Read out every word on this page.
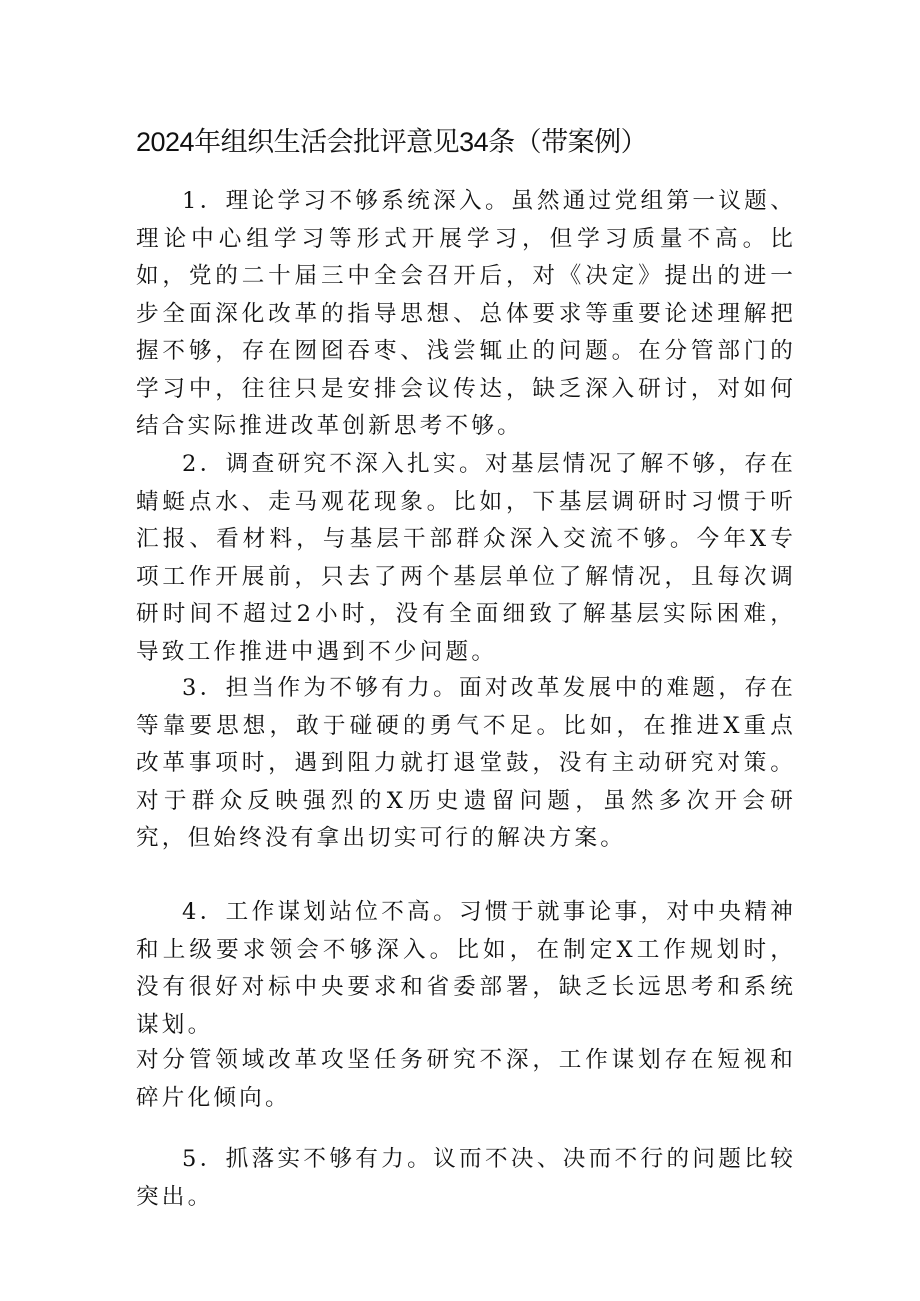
2024年组织生活会批评意见34条（带案例）
1．理论学习不够系统深入。虽然通过党组第一议题、理论中心组学习等形式开展学习，但学习质量不高。比如，党的二十届三中全会召开后，对《决定》提出的进一步全面深化改革的指导思想、总体要求等重要论述理解把握不够，存在囫囵吞枣、浅尝辄止的问题。在分管部门的学习中，往往只是安排会议传达，缺乏深入研讨，对如何结合实际推进改革创新思考不够。
2．调查研究不深入扎实。对基层情况了解不够，存在蜻蜓点水、走马观花现象。比如，下基层调研时习惯于听汇报、看材料，与基层干部群众深入交流不够。今年X专项工作开展前，只去了两个基层单位了解情况，且每次调研时间不超过2小时，没有全面细致了解基层实际困难，导致工作推进中遇到不少问题。
3．担当作为不够有力。面对改革发展中的难题，存在等靠要思想，敢于碰硬的勇气不足。比如，在推进X重点改革事项时，遇到阻力就打退堂鼓，没有主动研究对策。对于群众反映强烈的X历史遗留问题，虽然多次开会研究，但始终没有拿出切实可行的解决方案。
4．工作谋划站位不高。习惯于就事论事，对中央精神和上级要求领会不够深入。比如，在制定X工作规划时，没有很好对标中央要求和省委部署，缺乏长远思考和系统谋划。
对分管领域改革攻坚任务研究不深，工作谋划存在短视和碎片化倾向。
5．抓落实不够有力。议而不决、决而不行的问题比较突出。
